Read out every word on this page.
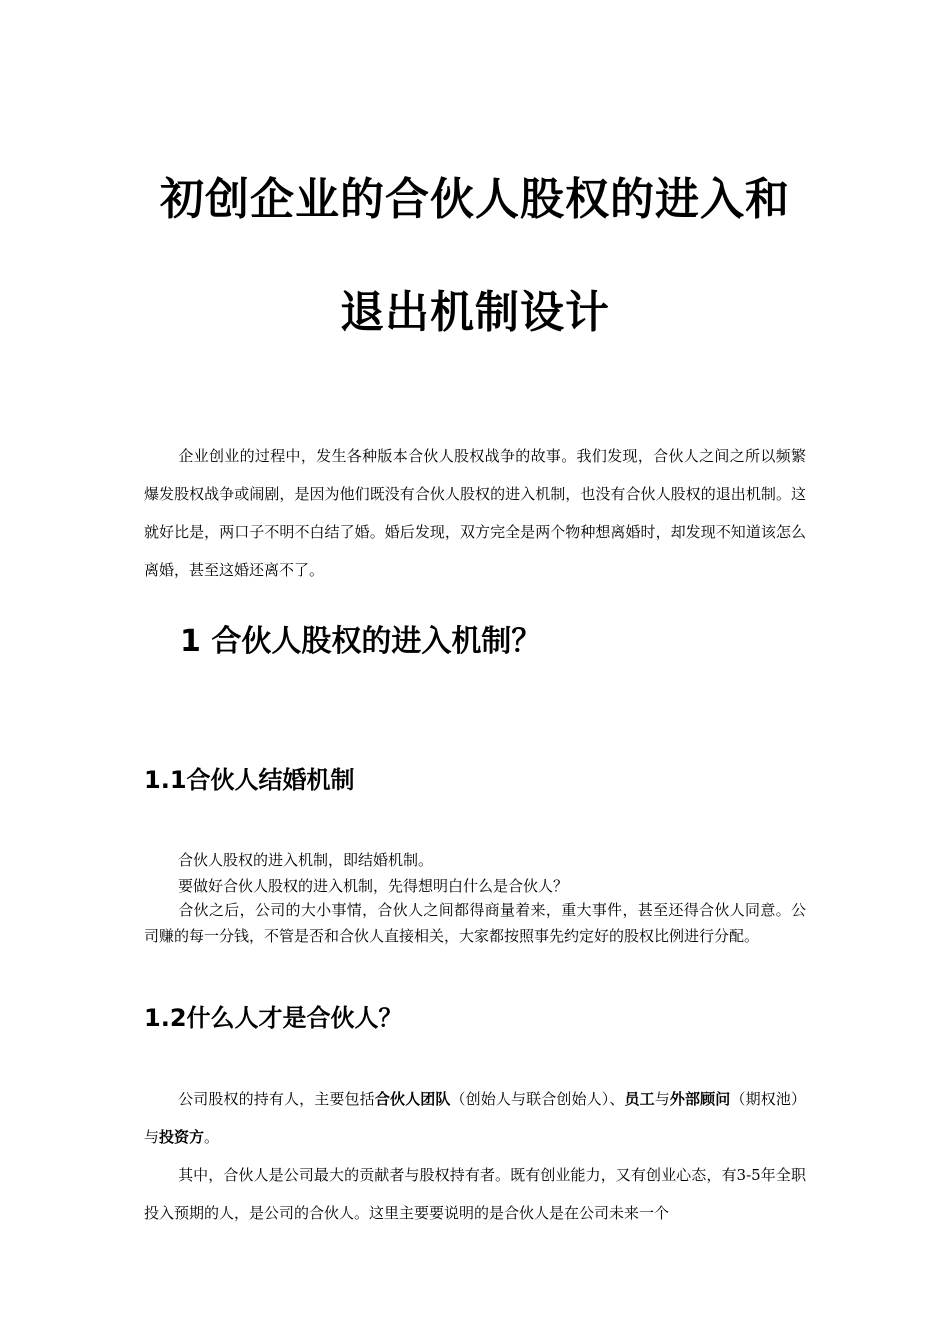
初创企业的合伙人股权的进入和
退出机制设计
企业创业的过程中，发生各种版本合伙人股权战争的故事。我们发现，合伙人之间之所以频繁爆发股权战争或闹剧，是因为他们既没有合伙人股权的进入机制，也没有合伙人股权的退出机制。这就好比是，两口子不明不白结了婚。婚后发现，双方完全是两个物种想离婚时，却发现不知道该怎么离婚，甚至这婚还离不了。
1 合伙人股权的进入机制？
1.1合伙人结婚机制
合伙人股权的进入机制，即结婚机制。
要做好合伙人股权的进入机制，先得想明白什么是合伙人？
合伙之后，公司的大小事情，合伙人之间都得商量着来，重大事件，甚至还得合伙人同意。公司赚的每一分钱，不管是否和合伙人直接相关，大家都按照事先约定好的股权比例进行分配。
1.2什么人才是合伙人？
公司股权的持有人，主要包括合伙人团队（创始人与联合创始人）、员工与外部顾问（期权池）与投资方。
其中，合伙人是公司最大的贡献者与股权持有者。既有创业能力，又有创业心态，有3-5年全职投入预期的人，是公司的合伙人。这里主要要说明的是合伙人是在公司未来一个
